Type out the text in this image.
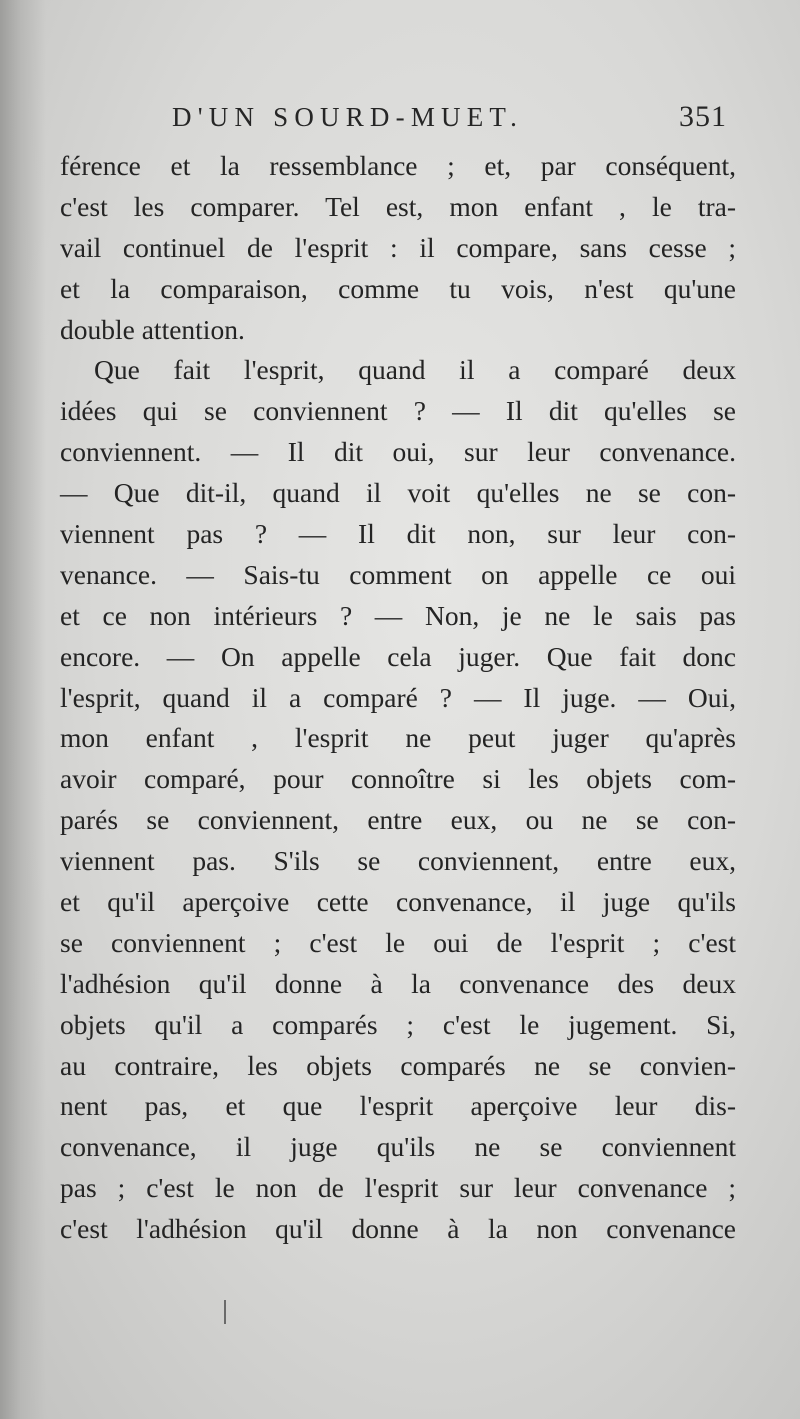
D'UN SOURD-MUET.	351
férence et la ressemblance ; et, par conséquent,
c'est les comparer. Tel est, mon enfant , le tra-
vail continuel de l'esprit : il compare, sans cesse ;
et la comparaison, comme tu vois, n'est qu'une
double attention.
Que fait l'esprit, quand il a comparé deux
idées qui se conviennent ? — Il dit qu'elles se
conviennent. — Il dit oui, sur leur convenance.
— Que dit-il, quand il voit qu'elles ne se con-
viennent pas ? — Il dit non, sur leur con-
venance. — Sais-tu comment on appelle ce oui
et ce non intérieurs ? — Non, je ne le sais pas
encore. — On appelle cela juger. Que fait donc
l'esprit, quand il a comparé ? — Il juge. — Oui,
mon enfant , l'esprit ne peut juger qu'après
avoir comparé, pour connoître si les objets com-
parés se conviennent, entre eux, ou ne se con-
viennent pas. S'ils se conviennent, entre eux,
et qu'il aperçoive cette convenance, il juge qu'ils
se conviennent ; c'est le oui de l'esprit ; c'est
l'adhésion qu'il donne à la convenance des deux
objets qu'il a comparés ; c'est le jugement. Si,
au contraire, les objets comparés ne se convien-
nent pas, et que l'esprit aperçoive leur dis-
convenance, il juge qu'ils ne se conviennent
pas ; c'est le non de l'esprit sur leur convenance ;
c'est l'adhésion qu'il donne à la non convenance
